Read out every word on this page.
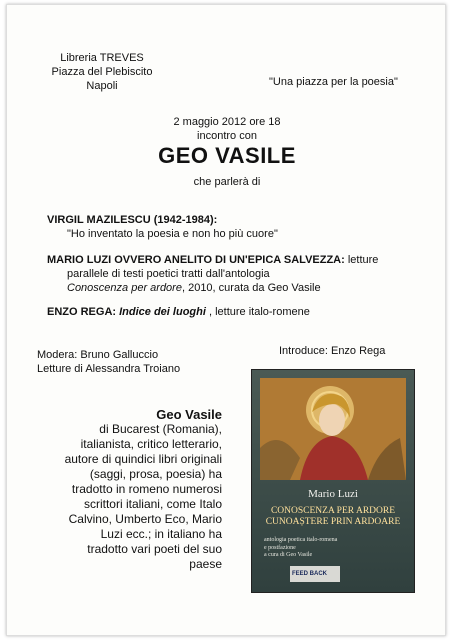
Libreria TREVES
Piazza del Plebiscito
Napoli	"Una piazza per la poesia"
2 maggio 2012 ore 18
incontro con
GEO VASILE
che parlerà di
VIRGIL MAZILESCU (1942-1984):
"Ho inventato la poesia e non ho più cuore"
MARIO LUZI OVVERO ANELITO DI UN'EPICA SALVEZZA: letture
parallele di testi poetici tratti dall'antologia
Conoscenza per ardore, 2010, curata da Geo Vasile
ENZO REGA: Indice dei luoghi , letture italo-romene
Modera: Bruno Galluccio
Letture di Alessandra Troiano
Introduce: Enzo Rega
Geo Vasile
di Bucarest (Romania), italianista, critico letterario, autore di quindici libri originali (saggi, prosa, poesia) ha tradotto in romeno numerosi scrittori italiani, come Italo Calvino, Umberto Eco, Mario Luzi ecc.; in italiano ha tradotto vari poeti del suo paese
Mario Luzi
CONOSCENZA PER ARDORE
CUNOAȘTERE PRIN ARDOARE
antologia poetica italo-romena
e postfazione
a cura di Geo Vasile
FEED BACK
